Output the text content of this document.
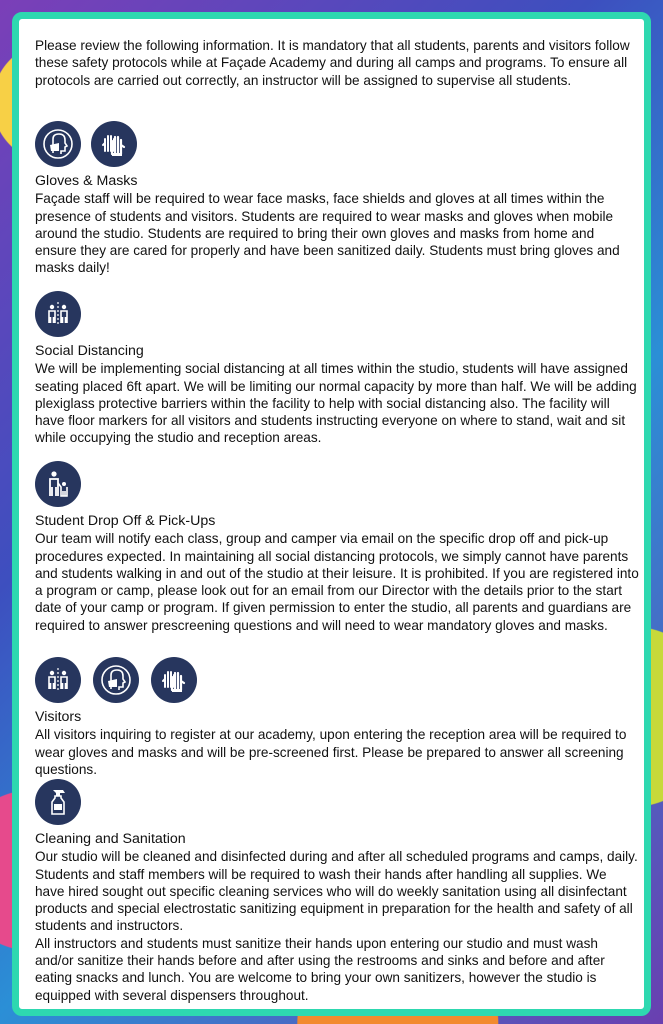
Please review the following information. It is mandatory that all students, parents and visitors follow these safety protocols while at Façade Academy and during all camps and programs. To ensure all protocols are carried out correctly, an instructor will be assigned to supervise all students.

Gloves & Masks

Façade staff will be required to wear face masks, face shields and gloves at all times within the presence of students and visitors. Students are required to wear masks and gloves when mobile around the studio. Students are required to bring their own gloves and masks from home and ensure they are cared for properly and have been sanitized daily. Students must bring gloves and masks daily!

Social Distancing

We will be implementing social distancing at all times within the studio, students will have assigned seating placed 6ft apart. We will be limiting our normal capacity by more than half. We will be adding plexiglass protective barriers within the facility to help with social distancing also. The facility will have floor markers for all visitors and students instructing everyone on where to stand, wait and sit while occupying the studio and reception areas.

Student Drop Off & Pick-Ups

Our team will notify each class, group and camper via email on the specific drop off and pick-up procedures expected. In maintaining all social distancing protocols, we simply cannot have parents and students walking in and out of the studio at their leisure. It is prohibited. If you are registered into a program or camp, please look out for an email from our Director with the details prior to the start date of your camp or program. If given permission to enter the studio, all parents and guardians are required to answer prescreening questions and will need to wear mandatory gloves and masks.

Visitors

All visitors inquiring to register at our academy, upon entering the reception area will be required to wear gloves and masks and will be pre-screened first. Please be prepared to answer all screening questions.

Cleaning and Sanitation

Our studio will be cleaned and disinfected during and after all scheduled programs and camps, daily. Students and staff members will be required to wash their hands after handling all supplies. We have hired sought out specific cleaning services who will do weekly sanitation using all disinfectant products and special electrostatic sanitizing equipment in preparation for the health and safety of all students and instructors.

All instructors and students must sanitize their hands upon entering our studio and must wash and/or sanitize their hands before and after using the restrooms and sinks and before and after eating snacks and lunch. You are welcome to bring your own sanitizers, however the studio is equipped with several dispensers throughout.
